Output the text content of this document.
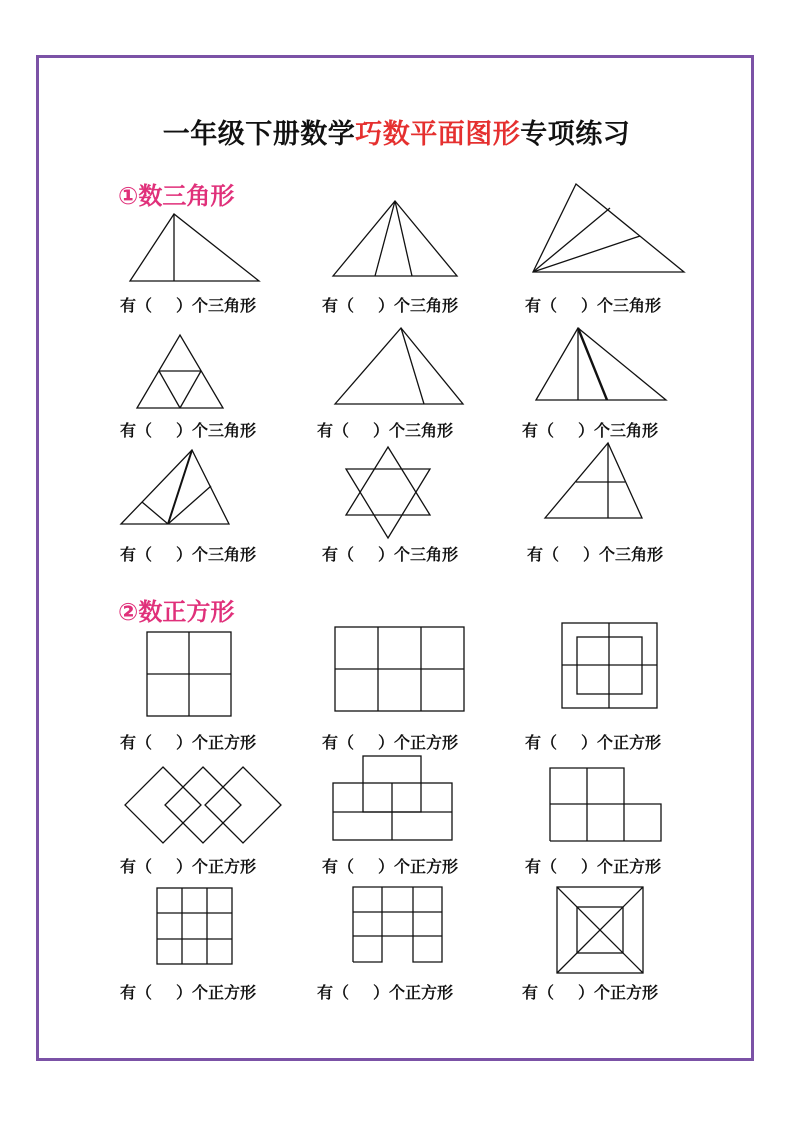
一年级下册数学巧数平面图形专项练习
①数三角形
②数正方形
有（ ）个三角形	有（ ）个三角形	有（ ）个三角形
有（ ）个三角形	有（ ）个三角形	有（ ）个三角形
有（ ）个三角形	有（ ）个三角形	有（ ）个三角形
有（ ）个正方形	有（ ）个正方形	有（ ）个正方形
有（ ）个正方形	有（ ）个正方形	有（ ）个正方形
有（ ）个正方形	有（ ）个正方形	有（ ）个正方形
